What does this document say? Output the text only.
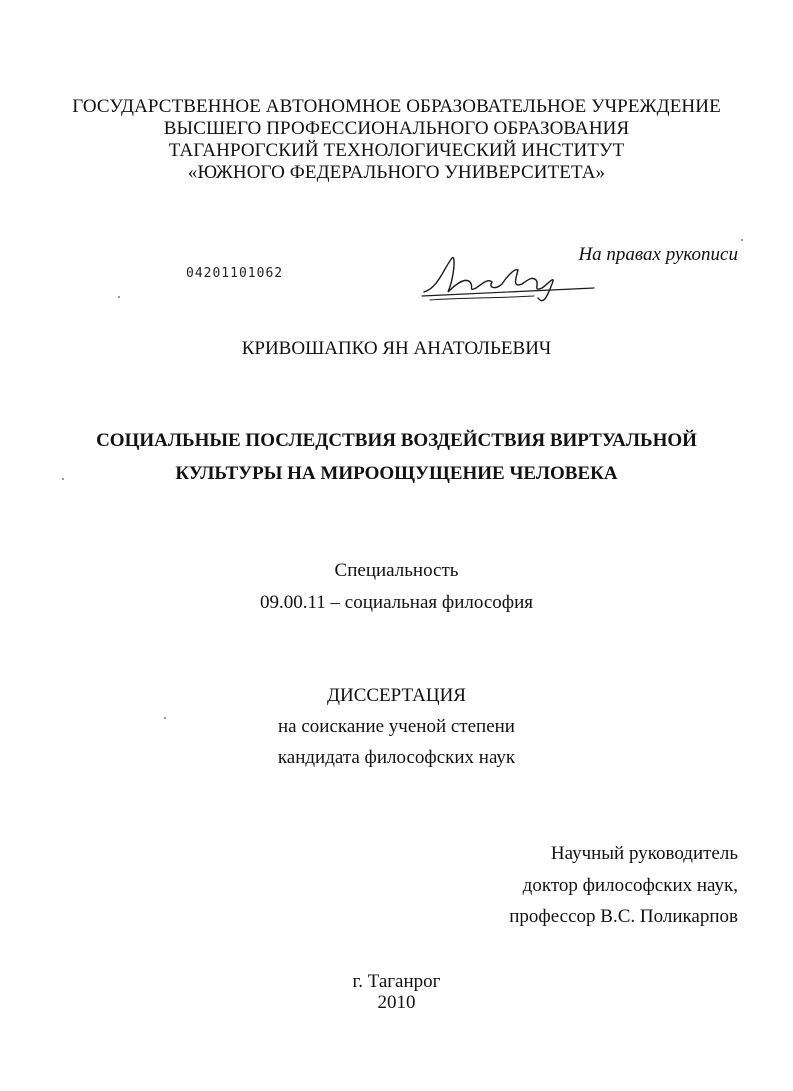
ГОСУДАРСТВЕННОЕ АВТОНОМНОЕ ОБРАЗОВАТЕЛЬНОЕ УЧРЕЖДЕНИЕ
ВЫСШЕГО ПРОФЕССИОНАЛЬНОГО ОБРАЗОВАНИЯ
ТАГАНРОГСКИЙ ТЕХНОЛОГИЧЕСКИЙ ИНСТИТУТ
«ЮЖНОГО ФЕДЕРАЛЬНОГО УНИВЕРСИТЕТА»
На правах рукописи
04201101062
КРИВОШАПКО ЯН АНАТОЛЬЕВИЧ
СОЦИАЛЬНЫЕ ПОСЛЕДСТВИЯ ВОЗДЕЙСТВИЯ ВИРТУАЛЬНОЙ
КУЛЬТУРЫ НА МИРООЩУЩЕНИЕ ЧЕЛОВЕКА
Специальность
09.00.11 – социальная философия
ДИССЕРТАЦИЯ
на соискание ученой степени
кандидата философских наук
Научный руководитель
доктор философских наук,
профессор В.С. Поликарпов
г. Таганрог
2010
